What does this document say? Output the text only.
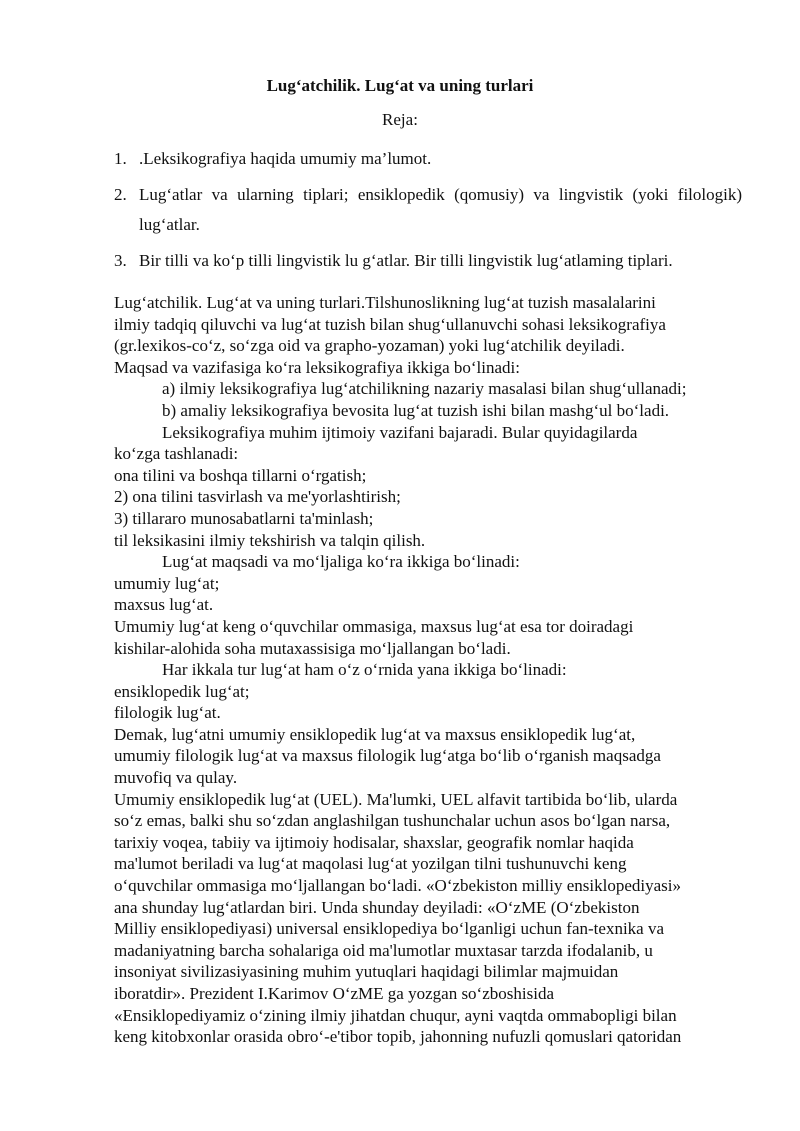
Lug‘atchilik. Lug‘at va uning turlari

Reja:

1. .Leksikografiya haqida umumiy ma’lumot.
2. Lug‘atlar va ularning tiplari; ensiklopedik (qomusiy) va lingvistik (yoki filologik) lug‘atlar.
3. Bir tilli va ko‘p tilli lingvistik lu g‘atlar. Bir tilli lingvistik lug‘atlaming tiplari.

Lug‘atchilik. Lug‘at va uning turlari.Tilshunoslikning lug‘at tuzish masalalarini

ilmiy tadqiq qiluvchi va lug‘at tuzish bilan shug‘ullanuvchi sohasi leksikografiya

(gr.lexikos-co‘z, so‘zga oid va grapho-yozaman) yoki lug‘atchilik deyiladi.

Maqsad va vazifasiga ko‘ra leksikografiya ikkiga bo‘linadi:

a) ilmiy leksikografiya lug‘atchilikning nazariy masalasi bilan shug‘ullanadi;

b) amaliy leksikografiya bevosita lug‘at tuzish ishi bilan mashg‘ul bo‘ladi.

Leksikografiya muhim ijtimoiy vazifani bajaradi. Bular quyidagilarda

ko‘zga tashlanadi:

ona tilini va boshqa tillarni o‘rgatish;

2) ona tilini tasvirlash va me'yorlashtirish;

3) tillararo munosabatlarni ta'minlash;

til leksikasini ilmiy tekshirish va talqin qilish.

Lug‘at maqsadi va mo‘ljaliga ko‘ra ikkiga bo‘linadi:

umumiy lug‘at;

maxsus lug‘at.

Umumiy lug‘at keng o‘quvchilar ommasiga, maxsus lug‘at esa tor doiradagi

kishilar-alohida soha mutaxassisiga mo‘ljallangan bo‘ladi.

Har ikkala tur lug‘at ham o‘z o‘rnida yana ikkiga bo‘linadi:

ensiklopedik lug‘at;

filologik lug‘at.

Demak, lug‘atni umumiy ensiklopedik lug‘at va maxsus ensiklopedik lug‘at,

umumiy filologik lug‘at va maxsus filologik lug‘atga bo‘lib o‘rganish maqsadga

muvofiq va qulay.

Umumiy ensiklopedik lug‘at (UEL). Ma'lumki, UEL alfavit tartibida bo‘lib, ularda

so‘z emas, balki shu so‘zdan anglashilgan tushunchalar uchun asos bo‘lgan narsa,

tarixiy voqea, tabiiy va ijtimoiy hodisalar, shaxslar, geografik nomlar haqida

ma'lumot beriladi va lug‘at maqolasi lug‘at yozilgan tilni tushunuvchi keng

o‘quvchilar ommasiga mo‘ljallangan bo‘ladi. «O‘zbekiston milliy ensiklopediyasi»

ana shunday lug‘atlardan biri. Unda shunday deyiladi: «O‘zME (O‘zbekiston

Milliy ensiklopediyasi) universal ensiklopediya bo‘lganligi uchun fan-texnika va

madaniyatning barcha sohalariga oid ma'lumotlar muxtasar tarzda ifodalanib, u

insoniyat sivilizasiyasining muhim yutuqlari haqidagi bilimlar majmuidan

iboratdir». Prezident I.Karimov O‘zME ga yozgan so‘zboshisida

«Ensiklopediyamiz o‘zining ilmiy jihatdan chuqur, ayni vaqtda ommabopligi bilan

keng kitobxonlar orasida obro‘-e'tibor topib, jahonning nufuzli qomuslari qatoridan
